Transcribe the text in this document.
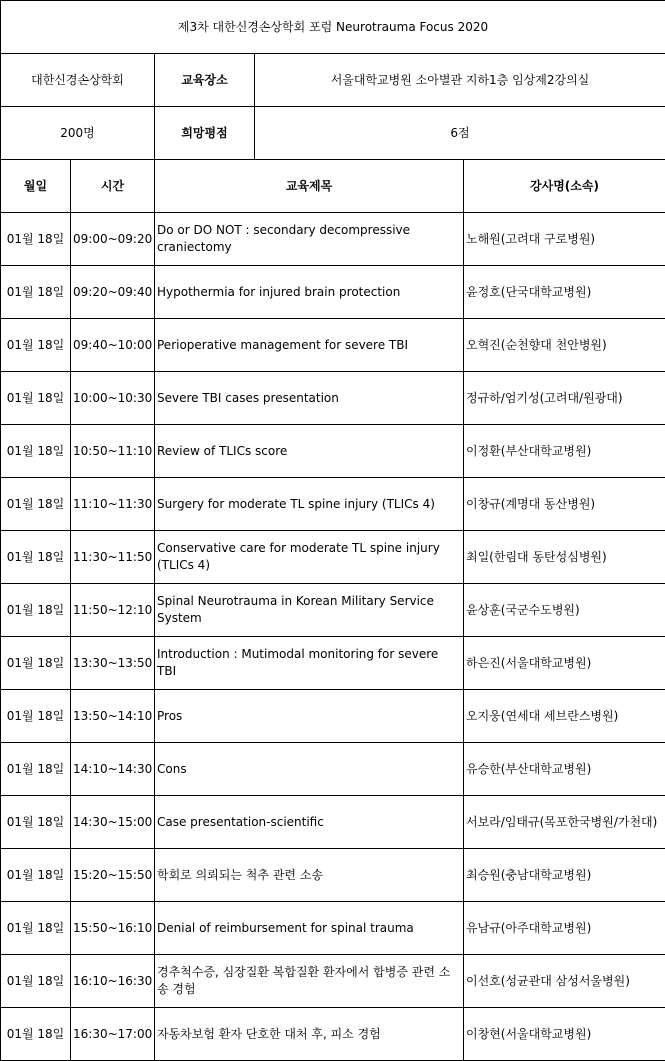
제3차 대한신경손상학회 포럼 Neurotrauma Focus 2020				
대한신경손상학회		교육장소	서울대학교병원 소아별관 지하1층 임상제2강의실	
200명		희망평점	6점	
월일	시간	교육제목		강사명(소속)
01월 18일	09:00~09:20	Do or DO NOT : secondary decompressive craniectomy		노해원(고려대 구로병원)
01월 18일	09:20~09:40	Hypothermia for injured brain protection		윤정호(단국대학교병원)
01월 18일	09:40~10:00	Perioperative management for severe TBI		오혁진(순천향대 천안병원)
01월 18일	10:00~10:30	Severe TBI cases presentation		정규하/엄기성(고려대/원광대)
01월 18일	10:50~11:10	Review of TLICs score		이정환(부산대학교병원)
01월 18일	11:10~11:30	Surgery for moderate TL spine injury (TLICs 4)		이창규(계명대 동산병원)
01월 18일	11:30~11:50	Conservative care for moderate TL spine injury (TLICs 4)		최일(한림대 동탄성심병원)
01월 18일	11:50~12:10	Spinal Neurotrauma in Korean Military Service System		윤상훈(국군수도병원)
01월 18일	13:30~13:50	Introduction : Mutimodal monitoring for severe TBI		하은진(서울대학교병원)
01월 18일	13:50~14:10	Pros		오지웅(연세대 세브란스병원)
01월 18일	14:10~14:30	Cons		유승한(부산대학교병원)
01월 18일	14:30~15:00	Case presentation-scientific		서보라/임태규(목포한국병원/가천대)
01월 18일	15:20~15:50	학회로 의뢰되는 척추 관련 소송		최승원(충남대학교병원)
01월 18일	15:50~16:10	Denial of reimbursement for spinal trauma		유남규(아주대학교병원)
01월 18일	16:10~16:30	경추척수증, 심장질환 복합질환 환자에서 합병증 관련 소송 경험		이선호(성균관대 삼성서울병원)
01월 18일	16:30~17:00	자동차보험 환자 단호한 대처 후, 피소 경험		이창현(서울대학교병원)
